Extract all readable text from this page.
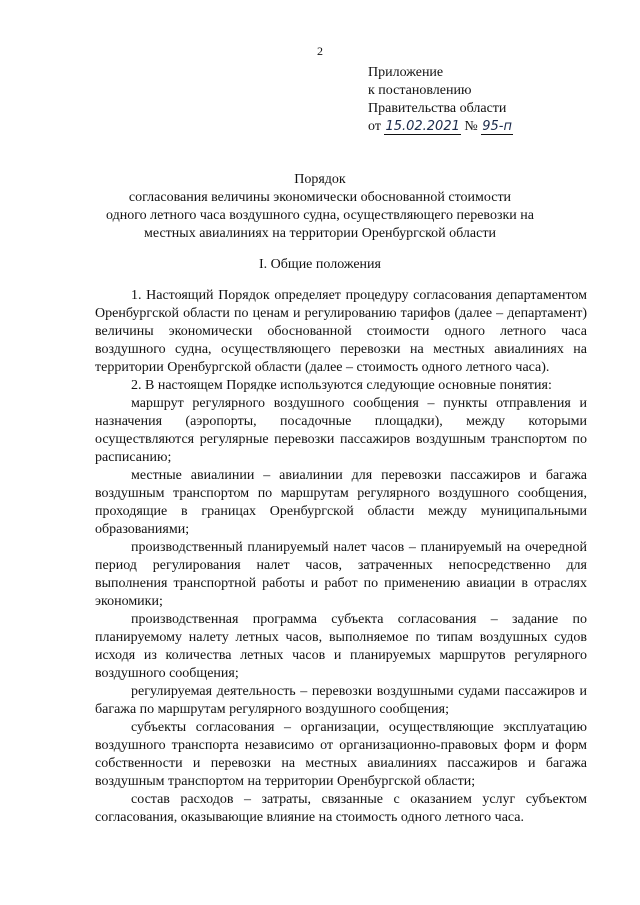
2
Приложение
к постановлению
Правительства области
от 15.02.2021 № 95-п
Порядок
согласования величины экономически обоснованной стоимости
одного летного часа воздушного судна, осуществляющего перевозки на
местных авиалиниях на территории Оренбургской области
I. Общие положения

1. Настоящий Порядок определяет процедуру согласования департаментом Оренбургской области по ценам и регулированию тарифов (далее – департамент) величины экономически обоснованной стоимости одного летного часа воздушного судна, осуществляющего перевозки на местных авиалиниях на территории Оренбургской области (далее – стоимость одного летного часа).

2. В настоящем Порядке используются следующие основные понятия:

маршрут регулярного воздушного сообщения – пункты отправления и назначения (аэропорты, посадочные площадки), между которыми осуществляются регулярные перевозки пассажиров воздушным транспортом по расписанию;

местные авиалинии – авиалинии для перевозки пассажиров и багажа воздушным транспортом по маршрутам регулярного воздушного сообщения, проходящие в границах Оренбургской области между муниципальными образованиями;

производственный планируемый налет часов – планируемый на очередной период регулирования налет часов, затраченных непосредственно для выполнения транспортной работы и работ по применению авиации в отраслях экономики;

производственная программа субъекта согласования – задание по планируемому налету летных часов, выполняемое по типам воздушных судов исходя из количества летных часов и планируемых маршрутов регулярного воздушного сообщения;

регулируемая деятельность – перевозки воздушными судами пассажиров и багажа по маршрутам регулярного воздушного сообщения;

субъекты согласования – организации, осуществляющие эксплуатацию воздушного транспорта независимо от организационно-правовых форм и форм собственности и перевозки на местных авиалиниях пассажиров и багажа воздушным транспортом на территории Оренбургской области;

состав расходов – затраты, связанные с оказанием услуг субъектом согласования, оказывающие влияние на стоимость одного летного часа.
